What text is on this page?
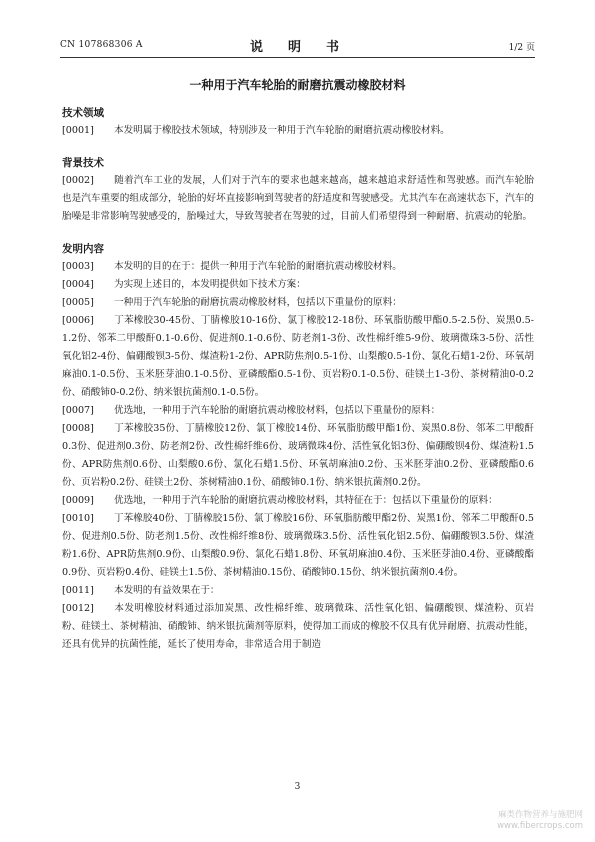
CN 107868306 A	说　明　书	1/2 页
一种用于汽车轮胎的耐磨抗震动橡胶材料
技术领域
[0001] 本发明属于橡胶技术领域，特别涉及一种用于汽车轮胎的耐磨抗震动橡胶材料。
背景技术
[0002] 随着汽车工业的发展，人们对于汽车的要求也越来越高，越来越追求舒适性和驾驶感。而汽车轮胎也是汽车重要的组成部分，轮胎的好坏直接影响到驾驶者的舒适度和驾驶感受。尤其汽车在高速状态下，汽车的胎噪是非常影响驾驶感受的，胎噪过大，导致驾驶者在驾驶的过，目前人们希望得到一种耐磨、抗震动的轮胎。
发明内容
[0003] 本发明的目的在于：提供一种用于汽车轮胎的耐磨抗震动橡胶材料。
[0004] 为实现上述目的，本发明提供如下技术方案：
[0005] 一种用于汽车轮胎的耐磨抗震动橡胶材料，包括以下重量份的原料：
[0006] 丁苯橡胶30-45份、丁腈橡胶10-16份、氯丁橡胶12-18份、环氧脂肪酸甲酯0.5-2.5份、炭黑0.5-1.2份、邻苯二甲酸酐0.1-0.6份、促进剂0.1-0.6份、防老剂1-3份、改性棉纤维5-9份、玻璃微珠3-5份、活性氧化铝2-4份、偏硼酸钡3-5份、煤渣粉1-2份、APR防焦剂0.5-1份、山梨酸0.5-1份、氯化石蜡1-2份、环氧胡麻油0.1-0.5份、玉米胚芽油0.1-0.5份、亚磷酸酯0.5-1份、页岩粉0.1-0.5份、硅镁土1-3份、茶树精油0-0.2份、硝酸铈0-0.2份、纳米银抗菌剂0.1-0.5份。
[0007] 优选地，一种用于汽车轮胎的耐磨抗震动橡胶材料，包括以下重量份的原料：
[0008] 丁苯橡胶35份、丁腈橡胶12份、氯丁橡胶14份、环氧脂肪酸甲酯1份、炭黑0.8份、邻苯二甲酸酐0.3份、促进剂0.3份、防老剂2份、改性棉纤维6份、玻璃微珠4份、活性氧化铝3份、偏硼酸钡4份、煤渣粉1.5份、APR防焦剂0.6份、山梨酸0.6份、氯化石蜡1.5份、环氧胡麻油0.2份、玉米胚芽油0.2份、亚磷酸酯0.6份、页岩粉0.2份、硅镁土2份、茶树精油0.1份、硝酸铈0.1份、纳米银抗菌剂0.2份。
[0009] 优选地，一种用于汽车轮胎的耐磨抗震动橡胶材料，其特征在于：包括以下重量份的原料：
[0010] 丁苯橡胶40份、丁腈橡胶15份、氯丁橡胶16份、环氧脂肪酸甲酯2份、炭黑1份、邻苯二甲酸酐0.5份、促进剂0.5份、防老剂1.5份、改性棉纤维8份、玻璃微珠3.5份、活性氧化铝2.5份、偏硼酸钡3.5份、煤渣粉1.6份、APR防焦剂0.9份、山梨酸0.9份、氯化石蜡1.8份、环氧胡麻油0.4份、玉米胚芽油0.4份、亚磷酸酯0.9份、页岩粉0.4份、硅镁土1.5份、茶树精油0.15份、硝酸铈0.15份、纳米银抗菌剂0.4份。
[0011] 本发明的有益效果在于：
[0012] 本发明橡胶材料通过添加炭黑、改性棉纤维、玻璃微珠、活性氧化铝、偏硼酸钡、煤渣粉、页岩粉、硅镁土、茶树精油、硝酸铈、纳米银抗菌剂等原料，使得加工而成的橡胶不仅具有优异耐磨、抗震动性能，还具有优异的抗菌性能，延长了使用寿命，非常适合用于制造
3
麻类作物营养与施肥网
www.fibercrops.com
